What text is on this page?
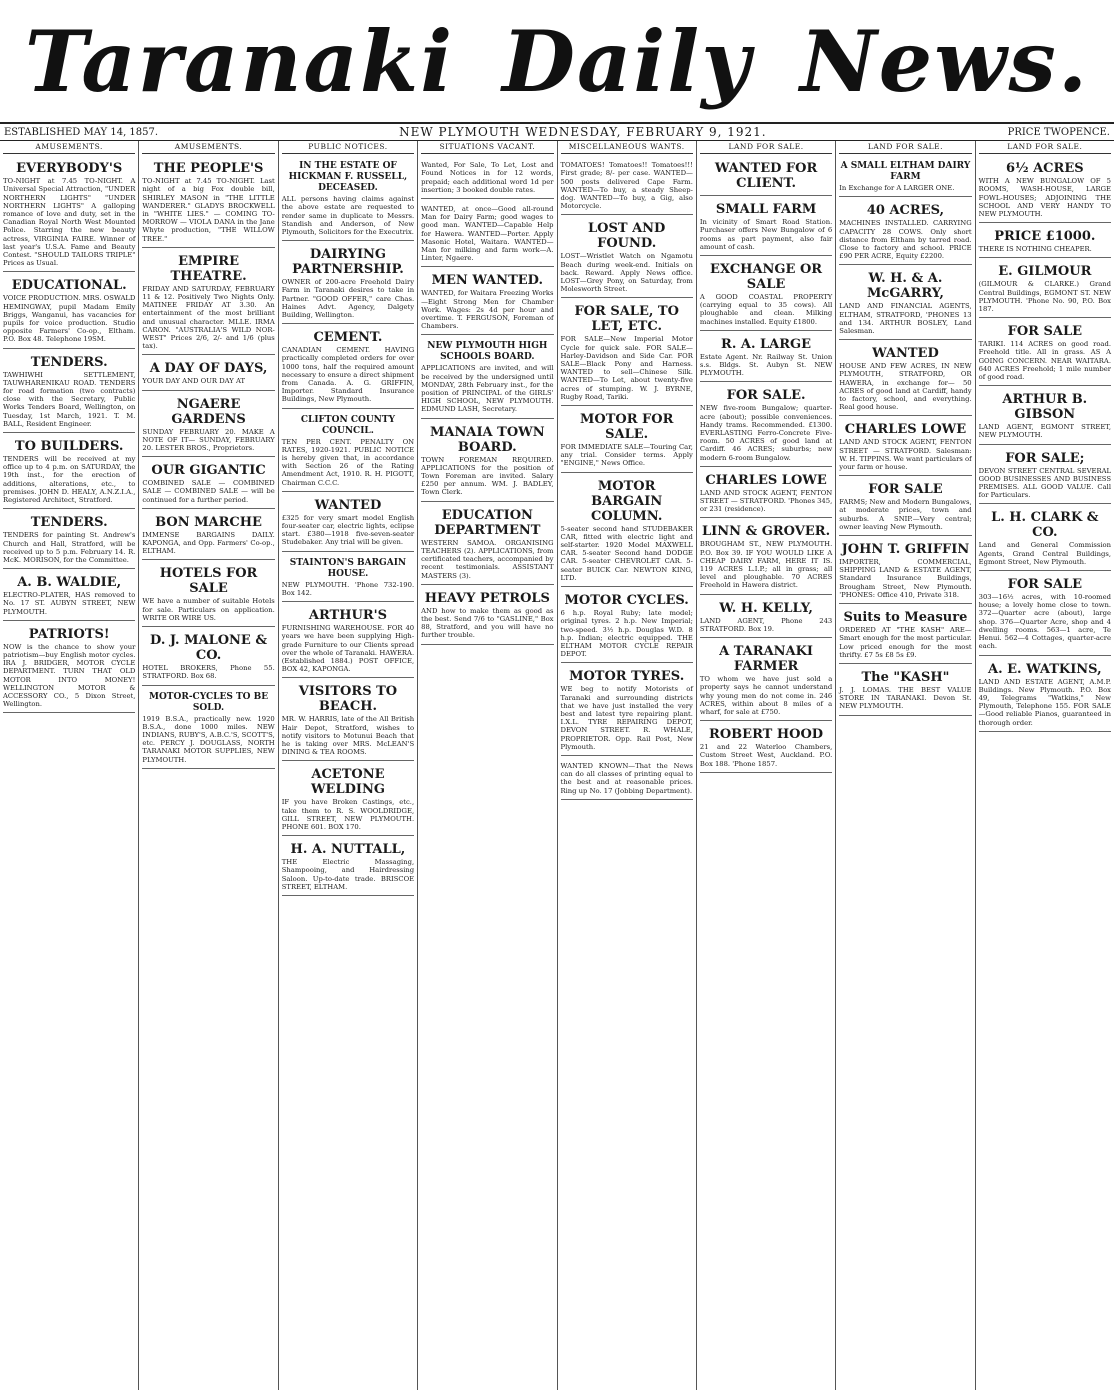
Taranaki Daily News.
ESTABLISHED MAY 14, 1857.	NEW PLYMOUTH WEDNESDAY, FEBRUARY 9, 1921.	PRICE TWOPENCE.
AMUSEMENTS.
EVERYBODY'S

TO-NIGHT at 7.45 TO-NIGHT. A Universal Special Attraction, "UNDER NORTHERN LIGHTS" "UNDER NORTHERN LIGHTS" A galloping romance of love and duty, set in the Canadian Royal North West Mounted Police. Starring the new beauty actress, VIRGINIA FAIRE. Winner of last year's U.S.A. Fame and Beauty Contest. "SHOULD TAILORS TRIPLE" Prices as Usual.

EDUCATIONAL.

VOICE PRODUCTION. MRS. OSWALD HEMINGWAY, pupil Madam Emily Briggs, Wanganui, has vacancies for pupils for voice production. Studio opposite Farmers' Co-op., Eltham. P.O. Box 48. Telephone 19SM.

TENDERS.

TAWHIWHI SETTLEMENT, TAUWHARENIKAU ROAD. TENDERS for road formation (two contracts) close with the Secretary, Public Works Tenders Board, Wellington, on Tuesday, 1st March, 1921. T. M. BALL, Resident Engineer.

TO BUILDERS.

TENDERS will be received at my office up to 4 p.m. on SATURDAY, the 19th inst., for the erection of additions, alterations, etc., to premises. JOHN D. HEALY, A.N.Z.I.A., Registered Architect, Stratford.

TENDERS.

TENDERS for painting St. Andrew's Church and Hall, Stratford, will be received up to 5 p.m. February 14. R. McK. MORISON, for the Committee.

A. B. WALDIE,

ELECTRO-PLATER, HAS removed to No. 17 ST. AUBYN STREET, NEW PLYMOUTH.

PATRIOTS!

NOW is the chance to show your patriotism—buy English motor cycles. IRA J. BRIDGER, MOTOR CYCLE DEPARTMENT. TURN THAT OLD MOTOR INTO MONEY! WELLINGTON MOTOR & ACCESSORY CO., 5 Dixon Street, Wellington.

AMUSEMENTS.
THE PEOPLE'S

TO-NIGHT at 7.45 TO-NIGHT. Last night of a big Fox double bill, SHIRLEY MASON in "THE LITTLE WANDERER." GLADYS BROCKWELL in "WHITE LIES." — COMING TO-MORROW — VIOLA DANA in the Jane Whyte production, "THE WILLOW TREE."

EMPIRE THEATRE.

FRIDAY AND SATURDAY, FEBRUARY 11 & 12. Positively Two Nights Only. MATINEE FRIDAY AT 3.30. An entertainment of the most brilliant and unusual character. MLLE. IRMA CARON. "AUSTRALIA'S WILD NOR-WEST" Prices 2/6, 2/- and 1/6 (plus tax).

A DAY OF DAYS,

YOUR DAY AND OUR DAY AT

NGAERE GARDENS

SUNDAY FEBRUARY 20. MAKE A NOTE OF IT— SUNDAY, FEBRUARY 20. LESTER BROS., Proprietors.

OUR GIGANTIC

COMBINED SALE — COMBINED SALE — COMBINED SALE — will be continued for a further period.

BON MARCHE

IMMENSE BARGAINS DAILY. KAPONGA, and Opp. Farmers' Co-op., ELTHAM.

HOTELS FOR SALE

WE have a number of suitable Hotels for sale. Particulars on application. WRITE OR WIRE US.

D. J. MALONE & CO.

HOTEL BROKERS, Phone 55. STRATFORD. Box 68.

MOTOR-CYCLES TO BE SOLD.

1919 B.S.A., practically new. 1920 B.S.A., done 1000 miles. NEW INDIANS, RUBY'S, A.B.C.'S, SCOTT'S, etc. PERCY J. DOUGLASS, NORTH TARANAKI MOTOR SUPPLIES, NEW PLYMOUTH.

PUBLIC NOTICES.
IN THE ESTATE OF HICKMAN F. RUSSELL, DECEASED.

ALL persons having claims against the above estate are requested to render same in duplicate to Messrs. Standish and Anderson, of New Plymouth, Solicitors for the Executrix.

DAIRYING PARTNERSHIP.

OWNER of 200-acre Freehold Dairy Farm in Taranaki desires to take in Partner. "GOOD OFFER," care Chas. Haines Advt. Agency, Dalgety Building, Wellington.

CEMENT.

CANADIAN CEMENT. HAVING practically completed orders for over 1000 tons, half the required amount necessary to ensure a direct shipment from Canada. A. G. GRIFFIN, Importer. Standard Insurance Buildings, New Plymouth.

CLIFTON COUNTY COUNCIL.

TEN PER CENT. PENALTY ON RATES, 1920-1921. PUBLIC NOTICE is hereby given that, in accordance with Section 26 of the Rating Amendment Act, 1910. R. H. PIGOTT, Chairman C.C.C.

WANTED

£325 for very smart model English four-seater car, electric lights, eclipse start. £380—1918 five-seven-seater Studebaker. Any trial will be given.

STAINTON'S BARGAIN HOUSE.

NEW PLYMOUTH. 'Phone 732-190. Box 142.

ARTHUR'S

FURNISHING WAREHOUSE. FOR 40 years we have been supplying High-grade Furniture to our Clients spread over the whole of Taranaki. HAWERA. (Established 1884.) POST OFFICE, BOX 42, KAPONGA.

VISITORS TO BEACH.

MR. W. HARRIS, late of the All British Hair Depot, Stratford, wishes to notify visitors to Motunui Beach that he is taking over MRS. McLEAN'S DINING & TEA ROOMS.

ACETONE WELDING

IF you have Broken Castings, etc., take them to R. S. WOOLDRIDGE, GILL STREET, NEW PLYMOUTH. PHONE 601. BOX 170.

H. A. NUTTALL,

THE Electric Massaging, Shampooing, and Hairdressing Saloon. Up-to-date trade. BRISCOE STREET, ELTHAM.

SITUATIONS VACANT.

Wanted, For Sale, To Let, Lost and Found Notices in for 12 words, prepaid; each additional word 1d per insertion; 3 booked double rates.

WANTED, at once—Good all-round Man for Dairy Farm; good wages to good man. WANTED—Capable Help for Hawera. WANTED—Porter. Apply Masonic Hotel, Waitara. WANTED—Man for milking and farm work—A. Linter, Ngaere.

MEN WANTED.

WANTED, for Waitara Freezing Works—Eight Strong Men for Chamber Work. Wages: 2s 4d per hour and overtime. T. FERGUSON, Foreman of Chambers.

NEW PLYMOUTH HIGH SCHOOLS BOARD.

APPLICATIONS are invited, and will be received by the undersigned until MONDAY, 28th February inst., for the position of PRINCIPAL of the GIRLS' HIGH SCHOOL, NEW PLYMOUTH. EDMUND LASH, Secretary.

MANAIA TOWN BOARD.

TOWN FOREMAN REQUIRED. APPLICATIONS for the position of Town Foreman are invited. Salary £250 per annum. WM. J. BADLEY, Town Clerk.

EDUCATION DEPARTMENT

WESTERN SAMOA. ORGANISING TEACHERS (2). APPLICATIONS, from certificated teachers, accompanied by recent testimonials. ASSISTANT MASTERS (3).

HEAVY PETROLS

AND how to make them as good as the best. Send 7/6 to "GASLINE," Box 88, Stratford, and you will have no further trouble.

MISCELLANEOUS WANTS.

TOMATOES! Tomatoes!! Tomatoes!!! First grade; 8/- per case. WANTED—500 posts delivered Cape Farm. WANTED—To buy, a steady Sheep-dog. WANTED—To buy, a Gig, also Motorcycle.

LOST AND FOUND.

LOST—Wristlet Watch on Ngamotu Beach during week-end. Initials on back. Reward. Apply News office. LOST—Grey Pony, on Saturday, from Molesworth Street.

FOR SALE, TO LET, ETC.

FOR SALE—New Imperial Motor Cycle for quick sale. FOR SALE—Harley-Davidson and Side Car. FOR SALE—Black Pony and Harness. WANTED to sell—Chinese Silk. WANTED—To Let, about twenty-five acres of stumping. W. J. BYRNE, Rugby Road, Tariki.

MOTOR FOR SALE.

FOR IMMEDIATE SALE—Touring Car, any trial. Consider terms. Apply "ENGINE," News Office.

MOTOR BARGAIN COLUMN.

5-seater second hand STUDEBAKER CAR, fitted with electric light and self-starter. 1920 Model MAXWELL CAR. 5-seater Second hand DODGE CAR. 5-seater CHEVROLET CAR. 5-seater BUICK Car. NEWTON KING, LTD.

MOTOR CYCLES.

6 h.p. Royal Ruby; late model; original tyres. 2 h.p. New Imperial; two-speed. 3½ h.p. Douglas W.D. 8 h.p. Indian; electric equipped. THE ELTHAM MOTOR CYCLE REPAIR DEPOT.

MOTOR TYRES.

WE beg to notify Motorists of Taranaki and surrounding districts that we have just installed the very best and latest tyre repairing plant. I.X.L. TYRE REPAIRING DEPOT, DEVON STREET. R. WHALE, PROPRIETOR. Opp. Rail Post, New Plymouth.

WANTED KNOWN—That the News can do all classes of printing equal to the best and at reasonable prices. Ring up No. 17 (Jobbing Department).

LAND FOR SALE.
WANTED FOR CLIENT.
SMALL FARM

In vicinity of Smart Road Station. Purchaser offers New Bungalow of 6 rooms as part payment, also fair amount of cash.

EXCHANGE OR SALE

A GOOD COASTAL PROPERTY (carrying equal to 35 cows). All ploughable and clean. Milking machines installed. Equity £1800.

R. A. LARGE

Estate Agent. Nr. Railway St. Union s.s. Bldgs. St. Aubyn St. NEW PLYMOUTH.

FOR SALE.

NEW five-room Bungalow; quarter-acre (about); possible conveniences. Handy trams. Recommended. £1300. EVERLASTING Ferro-Concrete Five-room. 50 ACRES of good land at Cardiff. 46 ACRES; suburbs; new modern 6-room Bungalow.

CHARLES LOWE

LAND AND STOCK AGENT, FENTON STREET — STRATFORD. 'Phones 345, or 231 (residence).

LINN & GROVER.

BROUGHAM ST., NEW PLYMOUTH. P.O. Box 39. IF YOU WOULD LIKE A CHEAP DAIRY FARM, HERE IT IS. 119 ACRES L.I.P.; all in grass; all level and ploughable. 70 ACRES Freehold in Hawera district.

W. H. KELLY,

LAND AGENT, Phone 243 STRATFORD. Box 19.

A TARANAKI FARMER

TO whom we have just sold a property says he cannot understand why young men do not come in. 246 ACRES, within about 8 miles of a wharf, for sale at £750.

ROBERT HOOD

21 and 22 Waterloo Chambers, Custom Street West, Auckland. P.O. Box 188. 'Phone 1857.

LAND FOR SALE.
A SMALL ELTHAM DAIRY FARM

In Exchange for A LARGER ONE.

40 ACRES,

MACHINES INSTALLED. CARRYING CAPACITY 28 COWS. Only short distance from Eltham by tarred road. Close to factory and school. PRICE £90 PER ACRE, Equity £2200.

W. H. & A. McGARRY,

LAND AND FINANCIAL AGENTS, ELTHAM, STRATFORD, 'PHONES 13 and 134. ARTHUR BOSLEY, Land Salesman.

WANTED

HOUSE AND FEW ACRES, IN NEW PLYMOUTH, STRATFORD, OR HAWERA, in exchange for— 50 ACRES of good land at Cardiff, handy to factory, school, and everything. Real good house.

CHARLES LOWE

LAND AND STOCK AGENT, FENTON STREET — STRATFORD. Salesman: W. H. TIPPINS. We want particulars of your farm or house.

FOR SALE

FARMS; New and Modern Bungalows, at moderate prices, town and suburbs. A SNIP.—Very central; owner leaving New Plymouth.

JOHN T. GRIFFIN

IMPORTER, COMMERCIAL, SHIPPING LAND & ESTATE AGENT, Standard Insurance Buildings, Brougham Street, New Plymouth. 'PHONES: Office 410, Private 318.

Suits to Measure

ORDERED AT "THE KASH" ARE— Smart enough for the most particular. Low priced enough for the most thrifty. £7 5s £8 5s £9.

The "KASH"

J. J. LOMAS. THE BEST VALUE STORE IN TARANAKI. Devon St. NEW PLYMOUTH.

LAND FOR SALE.
6½ ACRES

WITH A NEW BUNGALOW OF 5 ROOMS, WASH-HOUSE, LARGE FOWL-HOUSES; ADJOINING THE SCHOOL AND VERY HANDY TO NEW PLYMOUTH.

PRICE £1000.

THERE IS NOTHING CHEAPER.

E. GILMOUR

(GILMOUR & CLARKE.) Grand Central Buildings, EGMONT ST. NEW PLYMOUTH. 'Phone No. 90, P.O. Box 187.

FOR SALE

TARIKI. 114 ACRES on good road. Freehold title. All in grass. AS A GOING CONCERN. NEAR WAITARA. 640 ACRES Freehold; 1 mile number of good road.

ARTHUR B. GIBSON

LAND AGENT, EGMONT STREET, NEW PLYMOUTH.

FOR SALE;

DEVON STREET CENTRAL SEVERAL GOOD BUSINESSES AND BUSINESS PREMISES. ALL GOOD VALUE. Call for Particulars.

L. H. CLARK & CO.

Land and General Commission Agents, Grand Central Buildings, Egmont Street, New Plymouth.

FOR SALE

303—16½ acres, with 10-roomed house; a lovely home close to town. 372—Quarter acre (about), large shop. 376—Quarter Acre, shop and 4 dwelling rooms. 563—1 acre, Te Henui. 562—4 Cottages, quarter-acre each.

A. E. WATKINS,

LAND AND ESTATE AGENT, A.M.P. Buildings. New Plymouth. P.O. Box 49, Telegrams "Watkins," New Plymouth, Telephone 155. FOR SALE—Good reliable Pianos, guaranteed in thorough order.
